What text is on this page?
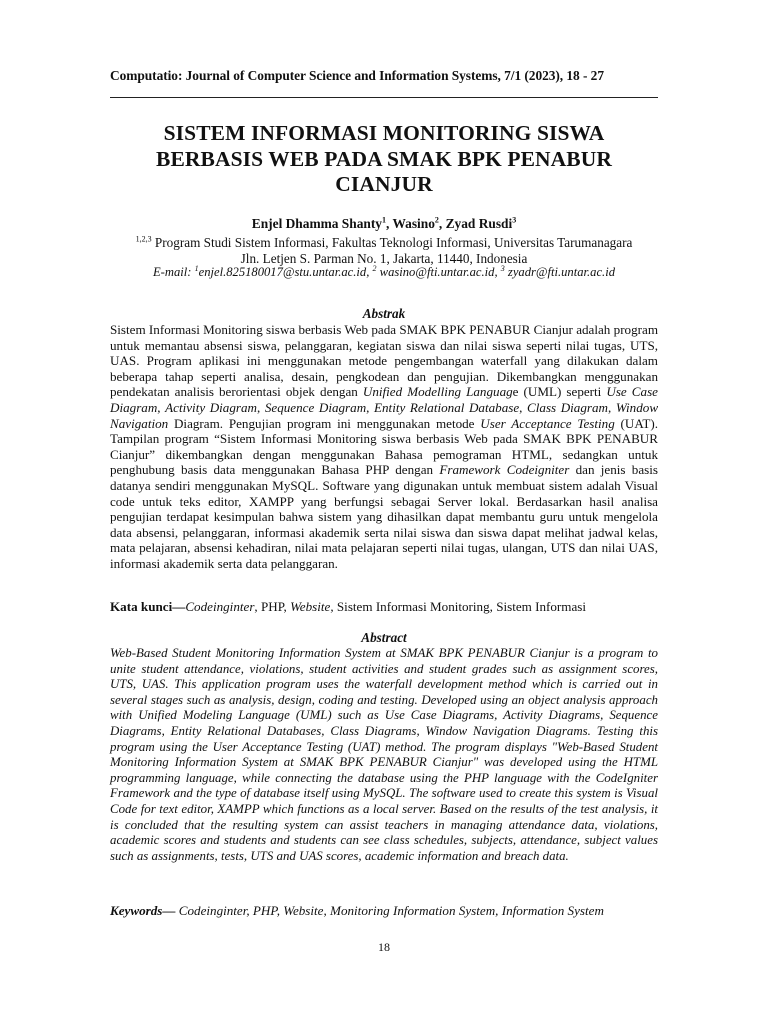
Computatio: Journal of Computer Science and Information Systems, 7/1 (2023), 18 - 27
SISTEM INFORMASI MONITORING SISWA
BERBASIS WEB PADA SMAK BPK PENABUR
CIANJUR
Enjel Dhamma Shanty$^1$, Wasino$^2$, Zyad Rusdi$^3$
$^{1,2,3}$ Program Studi Sistem Informasi, Fakultas Teknologi Informasi, Universitas Tarumanagara
Jln. Letjen S. Parman No. 1, Jakarta, 11440, Indonesia
E-mail: $^1$enjel.825180017@stu.untar.ac.id, $^2$ wasino@fti.untar.ac.id, $^3$ zyadr@fti.untar.ac.id
Abstrak
Sistem Informasi Monitoring siswa berbasis Web pada SMAK BPK PENABUR Cianjur adalah program untuk memantau absensi siswa, pelanggaran, kegiatan siswa dan nilai siswa seperti nilai tugas, UTS, UAS. Program aplikasi ini menggunakan metode pengembangan waterfall yang dilakukan dalam beberapa tahap seperti analisa, desain, pengkodean dan pengujian. Dikembangkan menggunakan pendekatan analisis berorientasi objek dengan Unified Modelling Language (UML) seperti Use Case Diagram, Activity Diagram, Sequence Diagram, Entity Relational Database, Class Diagram, Window Navigation Diagram. Pengujian program ini menggunakan metode User Acceptance Testing (UAT). Tampilan program “Sistem Informasi Monitoring siswa berbasis Web pada SMAK BPK PENABUR Cianjur” dikembangkan dengan menggunakan Bahasa pemograman HTML, sedangkan untuk penghubung basis data menggunakan Bahasa PHP dengan Framework Codeigniter dan jenis basis datanya sendiri menggunakan MySQL. Software yang digunakan untuk membuat sistem adalah Visual code untuk teks editor, XAMPP yang berfungsi sebagai Server lokal. Berdasarkan hasil analisa pengujian terdapat kesimpulan bahwa sistem yang dihasilkan dapat membantu guru untuk mengelola data absensi, pelanggaran, informasi akademik serta nilai siswa dan siswa dapat melihat jadwal kelas, mata pelajaran, absensi kehadiran, nilai mata pelajaran seperti nilai tugas, ulangan, UTS dan nilai UAS, informasi akademik serta data pelanggaran.
Kata kunci—Codeinginter, PHP, Website, Sistem Informasi Monitoring, Sistem Informasi
Abstract
Web-Based Student Monitoring Information System at SMAK BPK PENABUR Cianjur is a program to unite student attendance, violations, student activities and student grades such as assignment scores, UTS, UAS. This application program uses the waterfall development method which is carried out in several stages such as analysis, design, coding and testing. Developed using an object analysis approach with Unified Modeling Language (UML) such as Use Case Diagrams, Activity Diagrams, Sequence Diagrams, Entity Relational Databases, Class Diagrams, Window Navigation Diagrams. Testing this program using the User Acceptance Testing (UAT) method. The program displays "Web-Based Student Monitoring Information System at SMAK BPK PENABUR Cianjur" was developed using the HTML programming language, while connecting the database using the PHP language with the CodeIgniter Framework and the type of database itself using MySQL. The software used to create this system is Visual Code for text editor, XAMPP which functions as a local server. Based on the results of the test analysis, it is concluded that the resulting system can assist teachers in managing attendance data, violations, academic scores and students and students can see class schedules, subjects, attendance, subject values such as assignments, tests, UTS and UAS scores, academic information and breach data.
Keywords— Codeinginter, PHP, Website, Monitoring Information System, Information System
18
